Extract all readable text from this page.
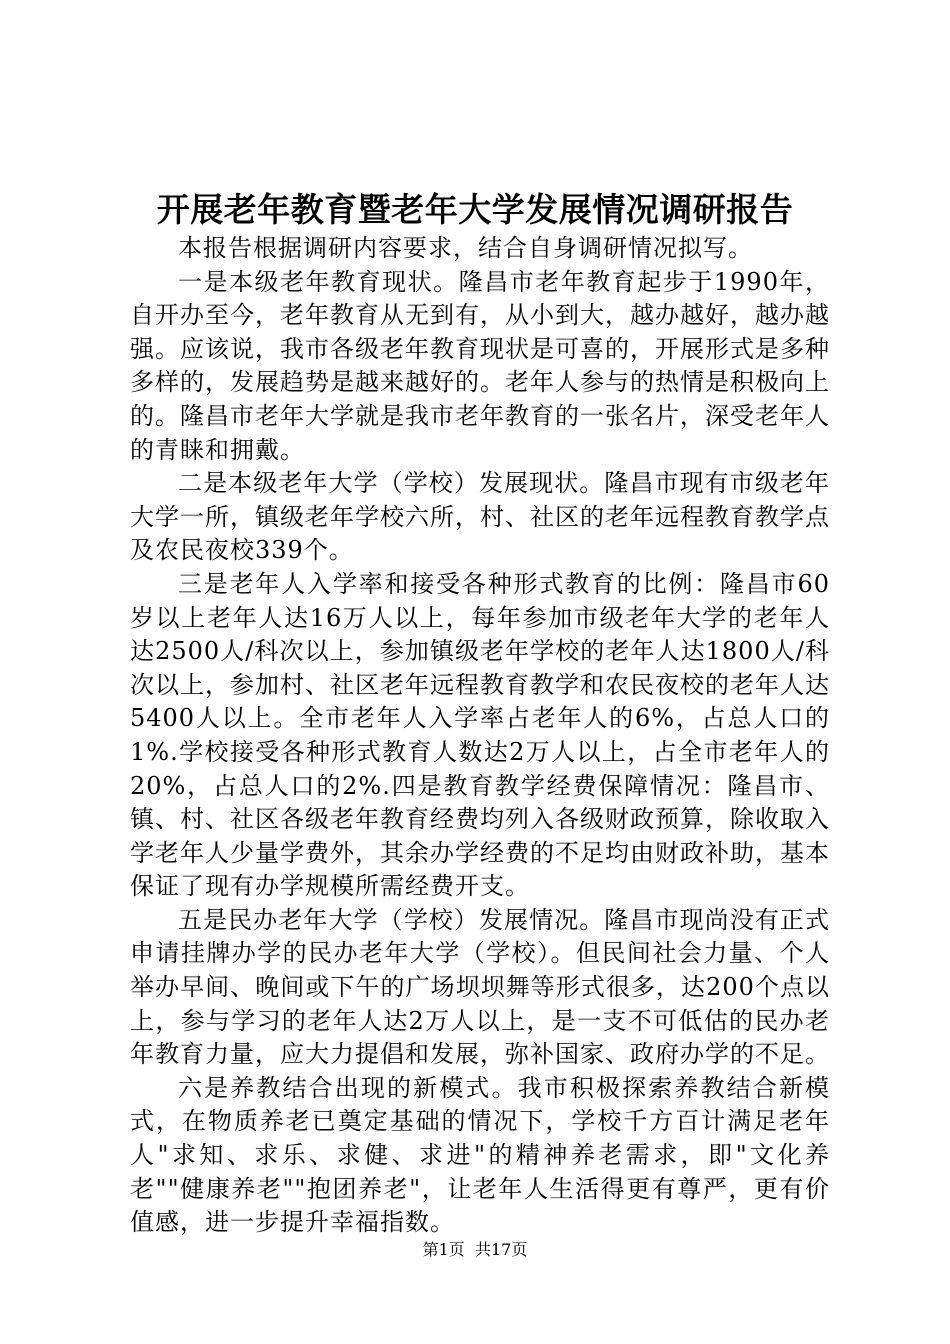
开展老年教育暨老年大学发展情况调研报告

本报告根据调研内容要求，结合自身调研情况拟写。

一是本级老年教育现状。隆昌市老年教育起步于1990年，自开办至今，老年教育从无到有，从小到大，越办越好，越办越强。应该说，我市各级老年教育现状是可喜的，开展形式是多种多样的，发展趋势是越来越好的。老年人参与的热情是积极向上的。隆昌市老年大学就是我市老年教育的一张名片，深受老年人的青睐和拥戴。

二是本级老年大学（学校）发展现状。隆昌市现有市级老年大学一所，镇级老年学校六所，村、社区的老年远程教育教学点及农民夜校339个。

三是老年人入学率和接受各种形式教育的比例：隆昌市60岁以上老年人达16万人以上，每年参加市级老年大学的老年人达2500人/科次以上，参加镇级老年学校的老年人达1800人/科次以上，参加村、社区老年远程教育教学和农民夜校的老年人达5400人以上。全市老年人入学率占老年人的6%，占总人口的1%.学校接受各种形式教育人数达2万人以上，占全市老年人的20%，占总人口的2%.四是教育教学经费保障情况：隆昌市、镇、村、社区各级老年教育经费均列入各级财政预算，除收取入学老年人少量学费外，其余办学经费的不足均由财政补助，基本保证了现有办学规模所需经费开支。

五是民办老年大学（学校）发展情况。隆昌市现尚没有正式申请挂牌办学的民办老年大学（学校）。但民间社会力量、个人举办早间、晚间或下午的广场坝坝舞等形式很多，达200个点以上，参与学习的老年人达2万人以上，是一支不可低估的民办老年教育力量，应大力提倡和发展，弥补国家、政府办学的不足。

六是养教结合出现的新模式。我市积极探索养教结合新模式，在物质养老已奠定基础的情况下，学校千方百计满足老年人"求知、求乐、求健、求进"的精神养老需求，即"文化养老""健康养老""抱团养老"，让老年人生活得更有尊严，更有价值感，进一步提升幸福指数。

第1页 共17页
